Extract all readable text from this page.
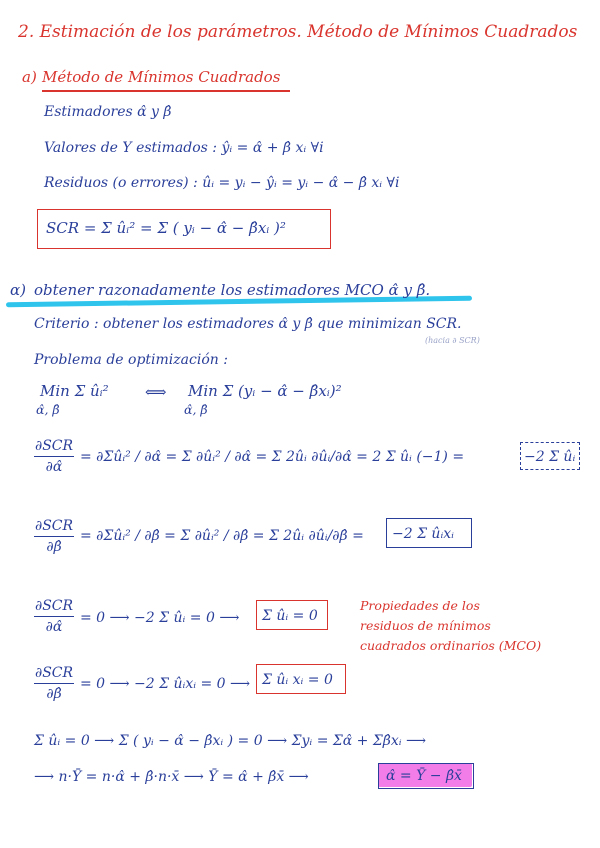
2. Estimación de los parámetros. Método de Mínimos Cuadrados
a) Método de Mínimos Cuadrados
Estimadores α̂ y β̂
Valores de Y estimados : ŷᵢ = α̂ + β̂ xᵢ ∀i
Residuos (o errores) : ûᵢ = yᵢ − ŷᵢ = yᵢ − α̂ − β̂ xᵢ ∀i
SCR = Σ ûᵢ² = Σ ( yᵢ − α̂ − β̂xᵢ )²
α) obtener razonadamente los estimadores MCO α̂ y β̂.
Criterio : obtener los estimadores α̂ y β̂ que minimizan SCR.
(hacia ∂ SCR)
Problema de optimización :
Min Σ ûᵢ²
α̂, β̂
⟺ Min Σ (yᵢ − α̂ − β̂xᵢ)²
α̂, β̂
∂SCR
∂α̂
= ∂Σûᵢ² / ∂α̂ = Σ ∂ûᵢ² / ∂α̂ = Σ 2ûᵢ ∂ûᵢ/∂α̂ = 2 Σ ûᵢ (−1) =	−2 Σ ûᵢ
∂SCR
∂β̂
= ∂Σûᵢ² / ∂β̂ = Σ ∂ûᵢ² / ∂β̂ = Σ 2ûᵢ ∂ûᵢ/∂β̂ = −2 Σ ûᵢxᵢ
∂SCR
∂α̂
= 0 ⟶ −2 Σ ûᵢ = 0 ⟶ Σ ûᵢ = 0
∂SCR
∂β̂
= 0 ⟶ −2 Σ ûᵢxᵢ = 0 ⟶ Σ ûᵢ xᵢ = 0
Propiedades de los
residuos de mínimos
cuadrados ordinarios (MCO)
Σ ûᵢ = 0 ⟶ Σ ( yᵢ − α̂ − β̂xᵢ ) = 0 ⟶ Σyᵢ = Σα̂ + Σβ̂xᵢ ⟶
⟶ n·Ȳ = n·α̂ + β̂·n·x̄ ⟶ Ȳ = α̂ + β̂x̄ ⟶	α̂ = Ȳ − β̂x̄
